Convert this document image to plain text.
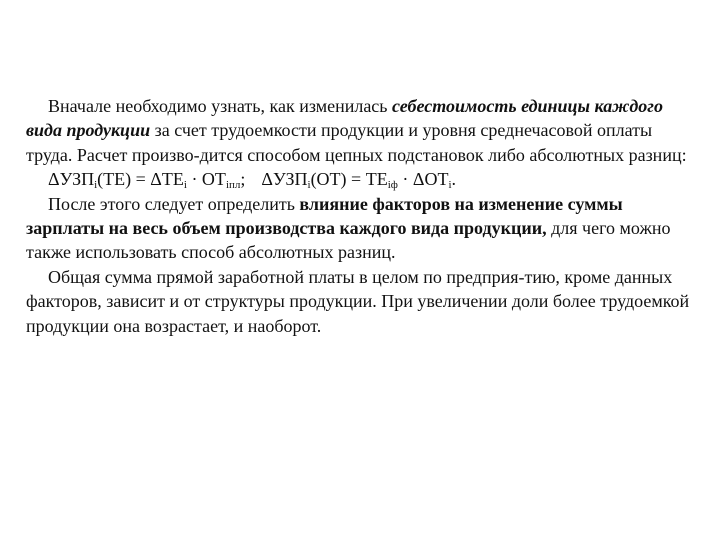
Вначале необходимо узнать, как изменилась себестоимость единицы каждого вида продукции за счет трудоемкости продукции и уровня среднечасовой оплаты труда. Расчет произво-дится способом цепных подстановок либо абсолютных разниц:

$\Delta УЗП_i(ТЕ) = \Delta ТЕ_i \cdot ОТ_{iпл}$; $\Delta УЗП_i(ОТ) = ТЕ_{iф} \cdot \Delta ОТ_i$.

После этого следует определить влияние факторов на изменение суммы зарплаты на весь объем производства каждого вида продукции, для чего можно также использовать способ абсолютных разниц.

Общая сумма прямой заработной платы в целом по предприя-тию, кроме данных факторов, зависит и от структуры продукции. При увеличении доли более трудоемкой продукции она возрастает, и наоборот.
